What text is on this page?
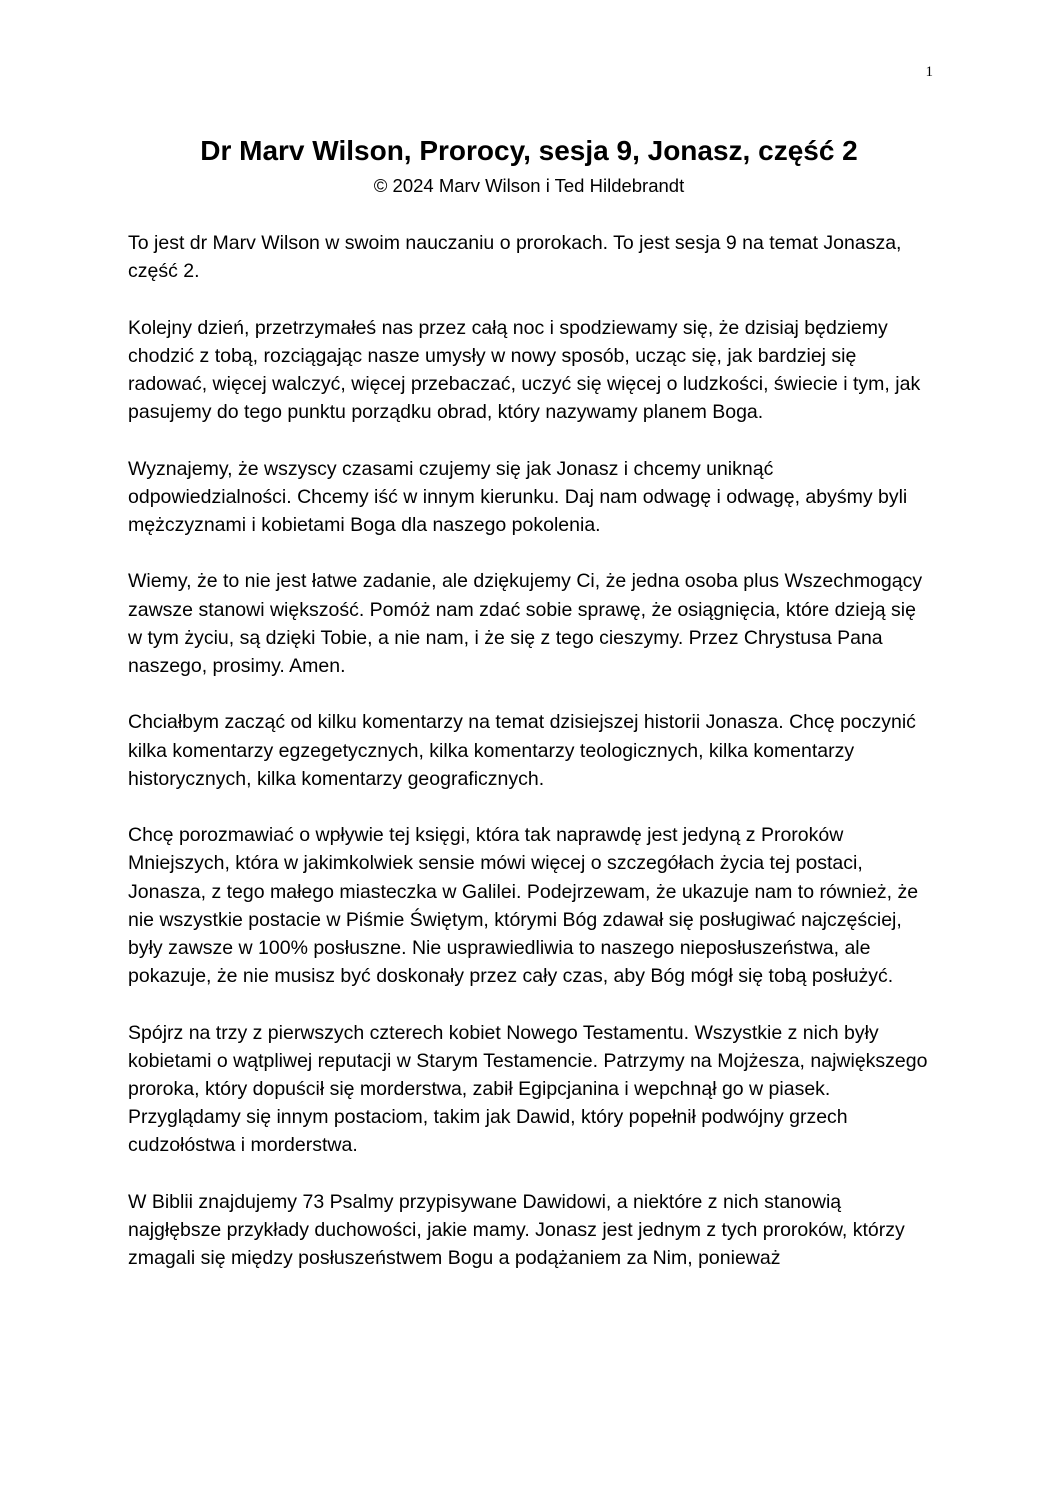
1
Dr Marv Wilson, Prorocy, sesja 9, Jonasz, część 2

© 2024 Marv Wilson i Ted Hildebrandt

To jest dr Marv Wilson w swoim nauczaniu o prorokach. To jest sesja 9 na temat Jonasza, część 2.

Kolejny dzień, przetrzymałeś nas przez całą noc i spodziewamy się, że dzisiaj będziemy chodzić z tobą, rozciągając nasze umysły w nowy sposób, ucząc się, jak bardziej się radować, więcej walczyć, więcej przebaczać, uczyć się więcej o ludzkości, świecie i tym, jak pasujemy do tego punktu porządku obrad, który nazywamy planem Boga.

Wyznajemy, że wszyscy czasami czujemy się jak Jonasz i chcemy uniknąć odpowiedzialności. Chcemy iść w innym kierunku. Daj nam odwagę i odwagę, abyśmy byli mężczyznami i kobietami Boga dla naszego pokolenia.

Wiemy, że to nie jest łatwe zadanie, ale dziękujemy Ci, że jedna osoba plus Wszechmogący zawsze stanowi większość. Pomóż nam zdać sobie sprawę, że osiągnięcia, które dzieją się w tym życiu, są dzięki Tobie, a nie nam, i że się z tego cieszymy. Przez Chrystusa Pana naszego, prosimy. Amen.

Chciałbym zacząć od kilku komentarzy na temat dzisiejszej historii Jonasza. Chcę poczynić kilka komentarzy egzegetycznych, kilka komentarzy teologicznych, kilka komentarzy historycznych, kilka komentarzy geograficznych.

Chcę porozmawiać o wpływie tej księgi, która tak naprawdę jest jedyną z Proroków Mniejszych, która w jakimkolwiek sensie mówi więcej o szczegółach życia tej postaci, Jonasza, z tego małego miasteczka w Galilei. Podejrzewam, że ukazuje nam to również, że nie wszystkie postacie w Piśmie Świętym, którymi Bóg zdawał się posługiwać najczęściej, były zawsze w 100% posłuszne. Nie usprawiedliwia to naszego nieposłuszeństwa, ale pokazuje, że nie musisz być doskonały przez cały czas, aby Bóg mógł się tobą posłużyć.

Spójrz na trzy z pierwszych czterech kobiet Nowego Testamentu. Wszystkie z nich były kobietami o wątpliwej reputacji w Starym Testamencie. Patrzymy na Mojżesza, największego proroka, który dopuścił się morderstwa, zabił Egipcjanina i wepchnął go w piasek. Przyglądamy się innym postaciom, takim jak Dawid, który popełnił podwójny grzech cudzołóstwa i morderstwa.

W Biblii znajdujemy 73 Psalmy przypisywane Dawidowi, a niektóre z nich stanowią najgłębsze przykłady duchowości, jakie mamy. Jonasz jest jednym z tych proroków, którzy zmagali się między posłuszeństwem Bogu a podążaniem za Nim, ponieważ
